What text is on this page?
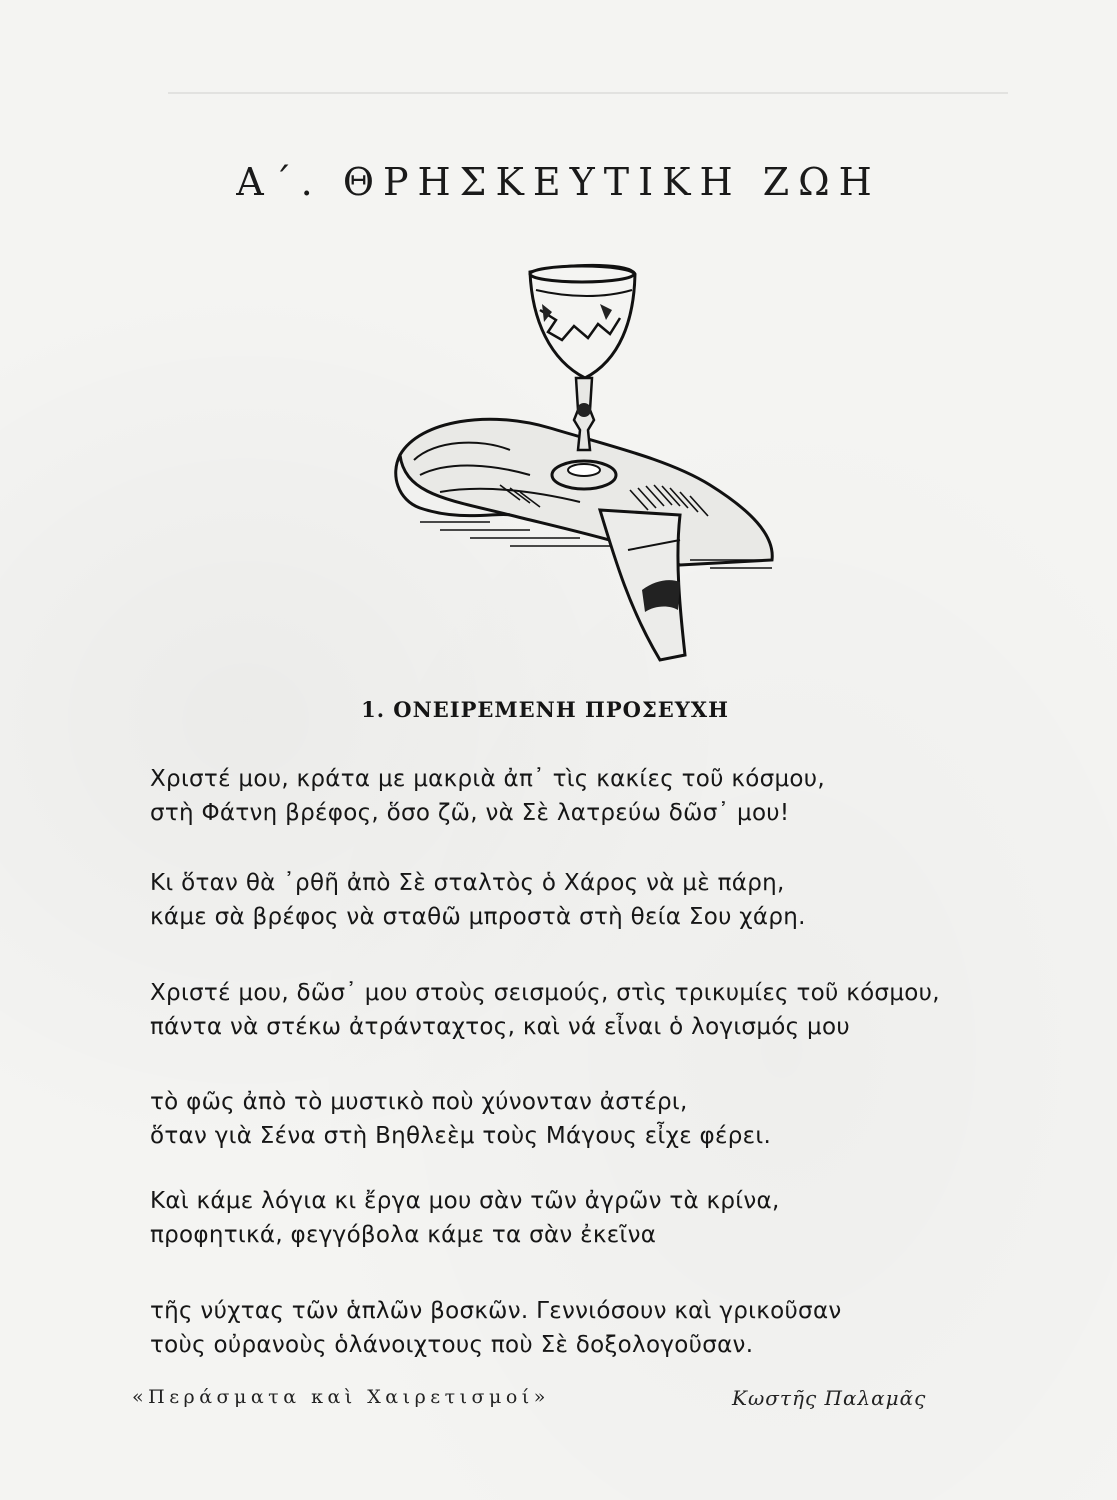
Α΄. ΘΡΗΣΚΕΥΤΙΚΗ ΖΩΗ
1. ΟΝΕΙΡΕΜΕΝΗ ΠΡΟΣΕΥΧΗ
Χριστέ μου, κράτα με μακριὰ ἀπ᾽ τὶς κακίες τοῦ κόσμου,
στὴ Φάτνη βρέφος, ὅσο ζῶ, νὰ Σὲ λατρεύω δῶσ᾽ μου!
Κι ὅταν θὰ ᾽ρθῆ ἀπὸ Σὲ σταλτὸς ὁ Χάρος νὰ μὲ πάρη,
κάμε σὰ βρέφος νὰ σταθῶ μπροστὰ στὴ θεία Σου χάρη.
Χριστέ μου, δῶσ᾽ μου στοὺς σεισμούς, στὶς τρικυμίες τοῦ κόσμου,
πάντα νὰ στέκω ἀτράνταχτος, καὶ νά εἶναι ὁ λογισμός μου
τὸ φῶς ἀπὸ τὸ μυστικὸ ποὺ χύνονταν ἀστέρι,
ὅταν γιὰ Σένα στὴ Βηθλεὲμ τοὺς Μάγους εἶχε φέρει.
Καὶ κάμε λόγια κι ἔργα μου σὰν τῶν ἀγρῶν τὰ κρίνα,
προφητικά, φεγγόβολα κάμε τα σὰν ἐκεῖνα
τῆς νύχτας τῶν ἁπλῶν βοσκῶν. Γεννιόσουν καὶ γρικοῦσαν
τοὺς οὐρανοὺς ὁλάνοιχτους ποὺ Σὲ δοξολογοῦσαν.
«Περάσματα καὶ Χαιρετισμοί»	Κωστῆς Παλαμᾶς
